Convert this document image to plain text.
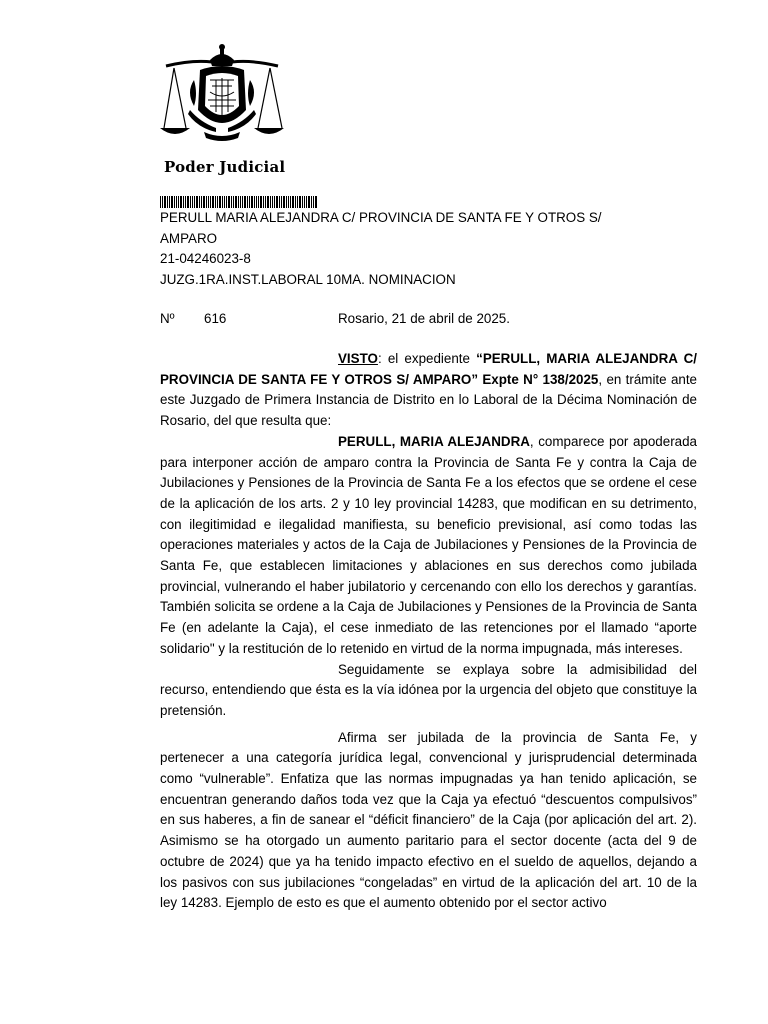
Poder Judicial
PERULL MARIA ALEJANDRA C/ PROVINCIA DE SANTA FE Y OTROS S/
AMPARO
21-04246023-8
JUZG.1RA.INST.LABORAL 10MA. NOMINACION
Nº 616	Rosario, 21 de abril de 2025.

VISTO: el expediente “PERULL, MARIA ALEJANDRA C/ PROVINCIA DE SANTA FE Y OTROS S/ AMPARO” Expte N° 138/2025, en trámite ante este Juzgado de Primera Instancia de Distrito en lo Laboral de la Décima Nominación de Rosario, del que resulta que:

PERULL, MARIA ALEJANDRA, comparece por apoderada para interponer acción de amparo contra la Provincia de Santa Fe y contra la Caja de Jubilaciones y Pensiones de la Provincia de Santa Fe a los efectos que se ordene el cese de la aplicación de los arts. 2 y 10 ley provincial 14283, que modifican en su detrimento, con ilegitimidad e ilegalidad manifiesta, su beneficio previsional, así como todas las operaciones materiales y actos de la Caja de Jubilaciones y Pensiones de la Provincia de Santa Fe, que establecen limitaciones y ablaciones en sus derechos como jubilada provincial, vulnerando el haber jubilatorio y cercenando con ello los derechos y garantías. También solicita se ordene a la Caja de Jubilaciones y Pensiones de la Provincia de Santa Fe (en adelante la Caja), el cese inmediato de las retenciones por el llamado “aporte solidario" y la restitución de lo retenido en virtud de la norma impugnada, más intereses.

Seguidamente se explaya sobre la admisibilidad del recurso, entendiendo que ésta es la vía idónea por la urgencia del objeto que constituye la pretensión.

Afirma ser jubilada de la provincia de Santa Fe, y pertenecer a una categoría jurídica legal, convencional y jurisprudencial determinada como “vulnerable”. Enfatiza que las normas impugnadas ya han tenido aplicación, se encuentran generando daños toda vez que la Caja ya efectuó “descuentos compulsivos” en sus haberes, a fin de sanear el “déficit financiero” de la Caja (por aplicación del art. 2). Asimismo se ha otorgado un aumento paritario para el sector docente (acta del 9 de octubre de 2024) que ya ha tenido impacto efectivo en el sueldo de aquellos, dejando a los pasivos con sus jubilaciones “congeladas” en virtud de la aplicación del art. 10 de la ley 14283. Ejemplo de esto es que el aumento obtenido por el sector activo
